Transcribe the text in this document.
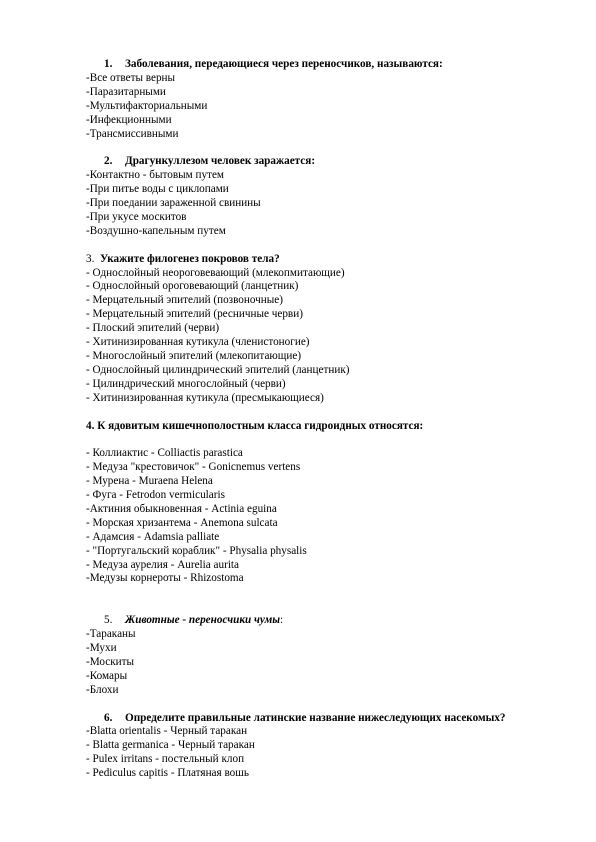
1. Заболевания, передающиеся через переносчиков, называются:
-Все ответы верны
-Паразитарными
-Мультифакториальными
-Инфекционными
-Трансмиссивными
2. Драгункуллезом человек заражается:
-Контактно - бытовым путем
-При питье воды с циклопами
-При поедании зараженной свинины
-При укусе москитов
-Воздушно-капельным путем
3. Укажите филогенез покровов тела?
- Однослойный неороговевающий (млекопмитающие)
- Однослойный ороговевающий (ланцетник)
- Мерцательный эпителий (позвоночные)
- Мерцательный эпителий (ресничные черви)
- Плоский эпителий (черви)
- Хитинизированная кутикула (членистоногие)
- Многослойный эпителий (млекопитающие)
- Однослойный цилиндрический эпителий (ланцетник)
- Цилиндрический многослойный (черви)
- Хитинизированная кутикула (пресмыкающиеся)
4. К ядовитым кишечнополостным класса гидроидных относятся:
- Коллиактис - Colliactis parastica
- Медуза "крестовичок" - Goniсnemus vertens
- Мурена - Muraena Helena
- Фуга - Fetrodon vermicularis
-Актиния обыкновенная - Actinia eguina
- Морская хризантема - Anemona sulcata
- Адамсия - Adamsia palliate
- "Португальский кораблик" - Physalia physalis
- Медуза аурелия - Aurelia aurita
-Медузы корнероты - Rhizostoma
5. Животные - переносчики чумы:
-Тараканы
-Мухи
-Москиты
-Комары
-Блохи
6. Определите правильные латинские название нижеследующих насекомых?
-Blatta orientalis - Черный таракан
- Blatta germanica - Черный таракан
- Pulex irritans - постельный клоп
- Pediculus capitis - Платяная вошь
